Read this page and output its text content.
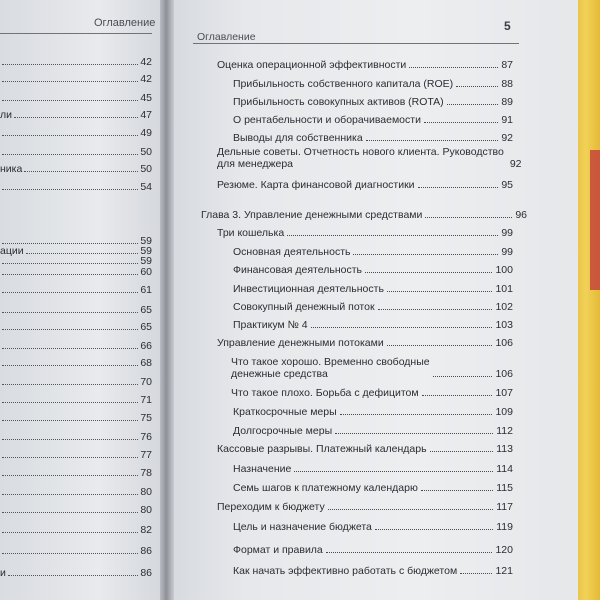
Оглавление
42
42
45
ли	47
49
50
ника	50
54
59
ации	59
59
60
61
65
65
66
68
70
71
75
76
77
78
80
80
82
86
и	86
5
Оглавление
Оценка операционной эффективности	87
Прибыльность собственного капитала (ROE)	88
Прибыльность совокупных активов (ROTA)	89
О рентабельности и оборачиваемости	91
Выводы для собственника	92
Дельные советы. Отчетность нового клиента. Руководство
для менеджера	92
Резюме. Карта финансовой диагностики	95
Глава 3. Управление денежными средствами	96
Три кошелька	99
Основная деятельность	99
Финансовая деятельность	100
Инвестиционная деятельность	101
Совокупный денежный поток	102
Практикум № 4	103
Управление денежными потоками	106
Что такое хорошо. Временно свободные
денежные средства	106
Что такое плохо. Борьба с дефицитом	107
Краткосрочные меры	109
Долгосрочные меры	112
Кассовые разрывы. Платежный календарь	113
Назначение	114
Семь шагов к платежному календарю	115
Переходим к бюджету	117
Цель и назначение бюджета	119
Формат и правила	120
Как начать эффективно работать с бюджетом	121
